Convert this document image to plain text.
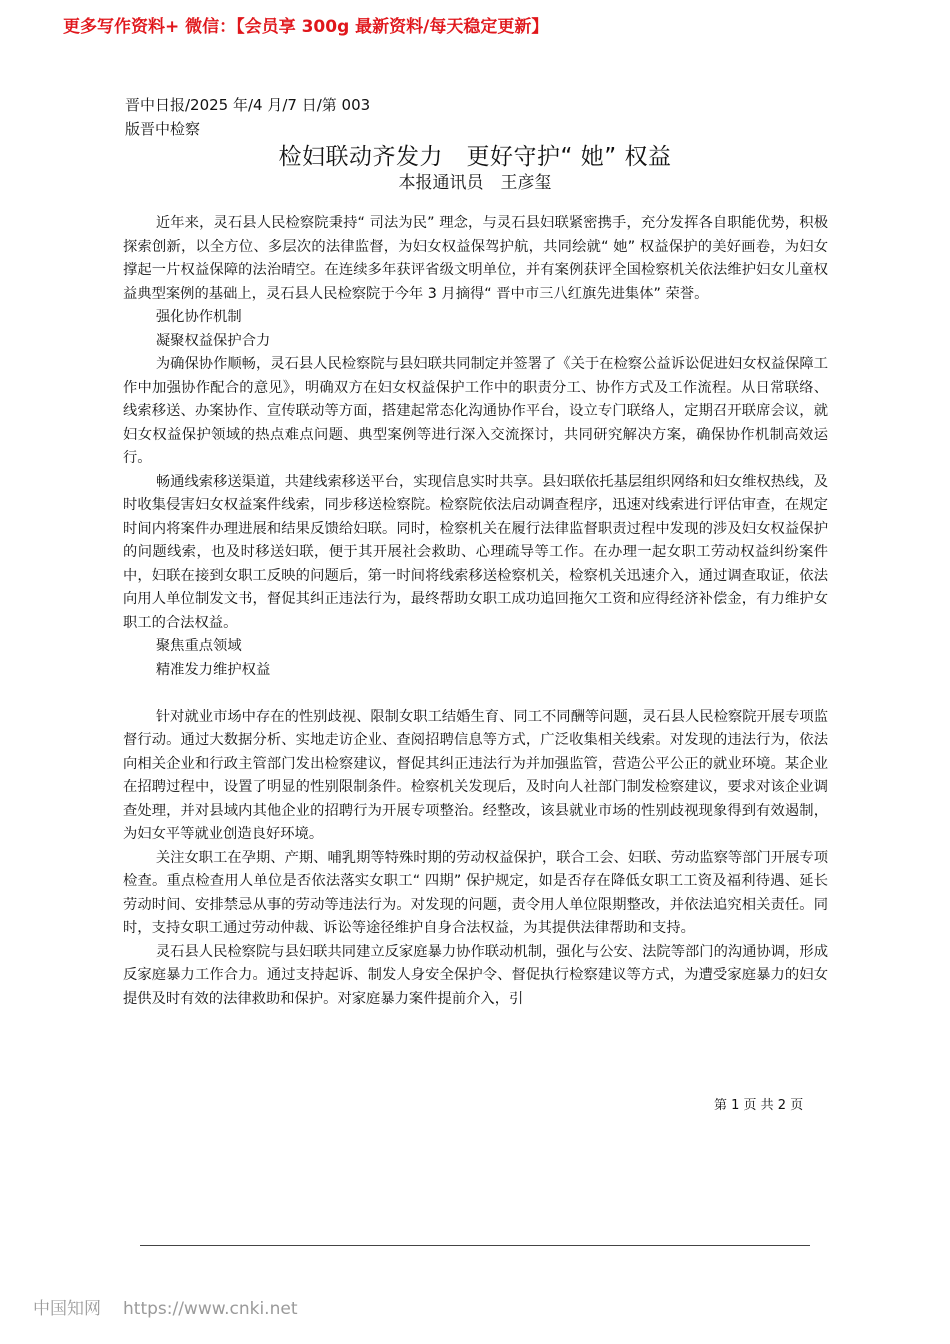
更多写作资料+ 微信：【会员享 300g 最新资料/每天稳定更新】
晋中日报/2025 年/4 月/7 日/第 003
版晋中检察
检妇联动齐发力　更好守护“ 她” 权益
本报通讯员　王彦玺

近年来，灵石县人民检察院秉持“ 司法为民” 理念，与灵石县妇联紧密携手，充分发挥各自职能优势，积极探索创新，以全方位、多层次的法律监督，为妇女权益保驾护航，共同绘就“ 她” 权益保护的美好画卷，为妇女撑起一片权益保障的法治晴空。在连续多年获评省级文明单位，并有案例获评全国检察机关依法维护妇女儿童权益典型案例的基础上，灵石县人民检察院于今年 3 月摘得“ 晋中市三八红旗先进集体” 荣誉。

强化协作机制
凝聚权益保护合力

为确保协作顺畅，灵石县人民检察院与县妇联共同制定并签署了《关于在检察公益诉讼促进妇女权益保障工作中加强协作配合的意见》，明确双方在妇女权益保护工作中的职责分工、协作方式及工作流程。从日常联络、线索移送、办案协作、宣传联动等方面，搭建起常态化沟通协作平台，设立专门联络人，定期召开联席会议，就妇女权益保护领域的热点难点问题、典型案例等进行深入交流探讨，共同研究解决方案，确保协作机制高效运行。

畅通线索移送渠道，共建线索移送平台，实现信息实时共享。县妇联依托基层组织网络和妇女维权热线，及时收集侵害妇女权益案件线索，同步移送检察院。检察院依法启动调查程序，迅速对线索进行评估审查，在规定时间内将案件办理进展和结果反馈给妇联。同时，检察机关在履行法律监督职责过程中发现的涉及妇女权益保护的问题线索，也及时移送妇联，便于其开展社会救助、心理疏导等工作。在办理一起女职工劳动权益纠纷案件中，妇联在接到女职工反映的问题后，第一时间将线索移送检察机关，检察机关迅速介入，通过调查取证，依法向用人单位制发文书，督促其纠正违法行为，最终帮助女职工成功追回拖欠工资和应得经济补偿金，有力维护女职工的合法权益。

聚焦重点领域
精准发力维护权益

针对就业市场中存在的性别歧视、限制女职工结婚生育、同工不同酬等问题，灵石县人民检察院开展专项监督行动。通过大数据分析、实地走访企业、查阅招聘信息等方式，广泛收集相关线索。对发现的违法行为，依法向相关企业和行政主管部门发出检察建议，督促其纠正违法行为并加强监管，营造公平公正的就业环境。某企业在招聘过程中，设置了明显的性别限制条件。检察机关发现后，及时向人社部门制发检察建议，要求对该企业调查处理，并对县域内其他企业的招聘行为开展专项整治。经整改，该县就业市场的性别歧视现象得到有效遏制，为妇女平等就业创造良好环境。

关注女职工在孕期、产期、哺乳期等特殊时期的劳动权益保护，联合工会、妇联、劳动监察等部门开展专项检查。重点检查用人单位是否依法落实女职工“ 四期” 保护规定，如是否存在降低女职工工资及福利待遇、延长劳动时间、安排禁忌从事的劳动等违法行为。对发现的问题，责令用人单位限期整改，并依法追究相关责任。同时，支持女职工通过劳动仲裁、诉讼等途径维护自身合法权益，为其提供法律帮助和支持。

灵石县人民检察院与县妇联共同建立反家庭暴力协作联动机制，强化与公安、法院等部门的沟通协调，形成反家庭暴力工作合力。通过支持起诉、制发人身安全保护令、督促执行检察建议等方式，为遭受家庭暴力的妇女提供及时有效的法律救助和保护。对家庭暴力案件提前介入，引

第 1 页 共 2 页
中国知网 https://www.cnki.net
